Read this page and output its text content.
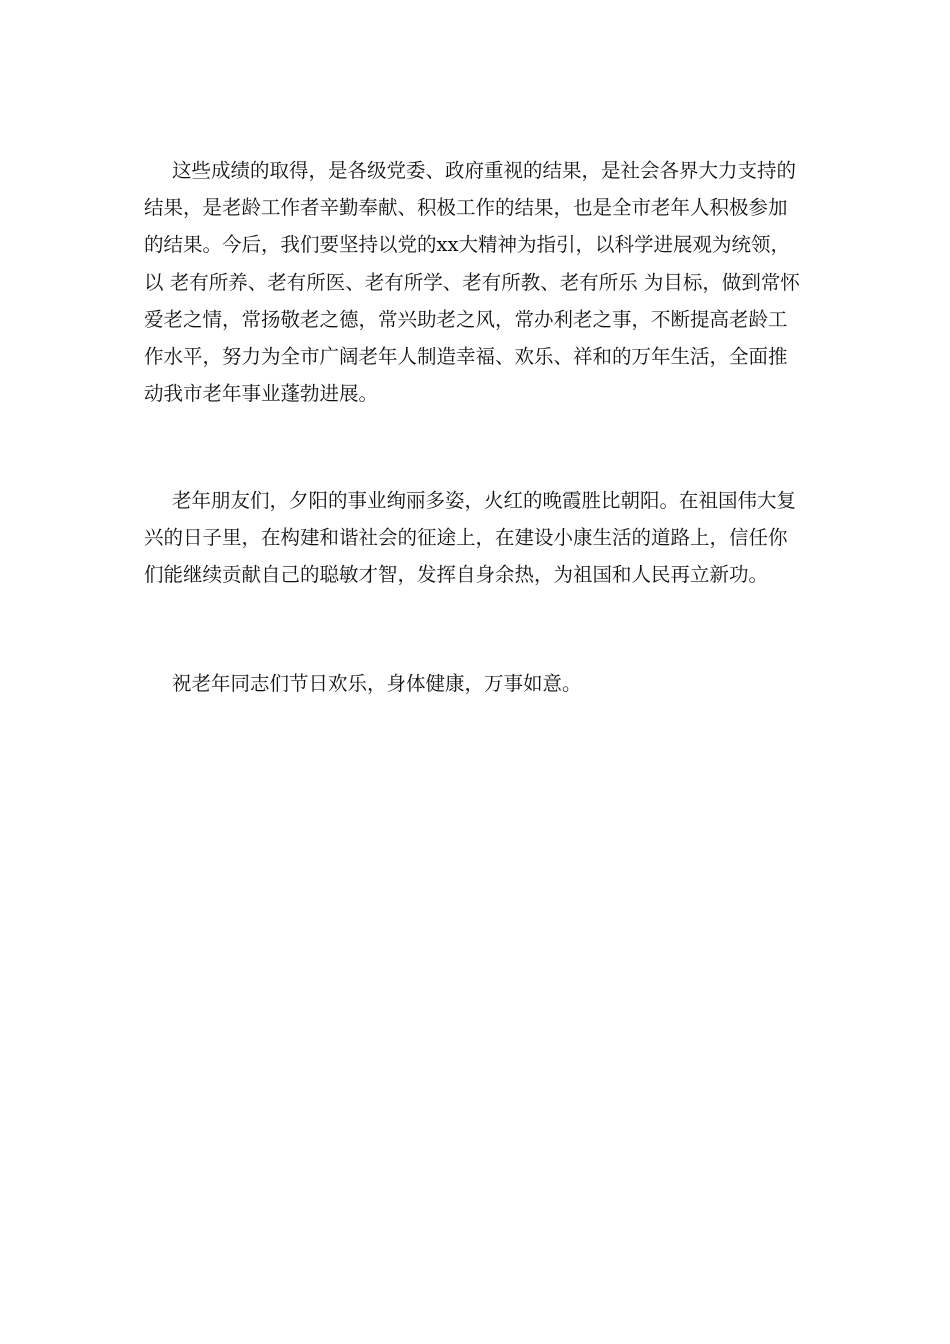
这些成绩的取得，是各级党委、政府重视的结果，是社会各界大力支持的结果，是老龄工作者辛勤奉献、积极工作的结果，也是全市老年人积极参加的结果。今后，我们要坚持以党的xx大精神为指引，以科学进展观为统领，以 老有所养、老有所医、老有所学、老有所教、老有所乐 为目标，做到常怀爱老之情，常扬敬老之德，常兴助老之风，常办利老之事，不断提高老龄工作水平，努力为全市广阔老年人制造幸福、欢乐、祥和的万年生活，全面推动我市老年事业蓬勃进展。

老年朋友们，夕阳的事业绚丽多姿，火红的晚霞胜比朝阳。在祖国伟大复兴的日子里，在构建和谐社会的征途上，在建设小康生活的道路上，信任你们能继续贡献自己的聪敏才智，发挥自身余热，为祖国和人民再立新功。

祝老年同志们节日欢乐，身体健康，万事如意。
